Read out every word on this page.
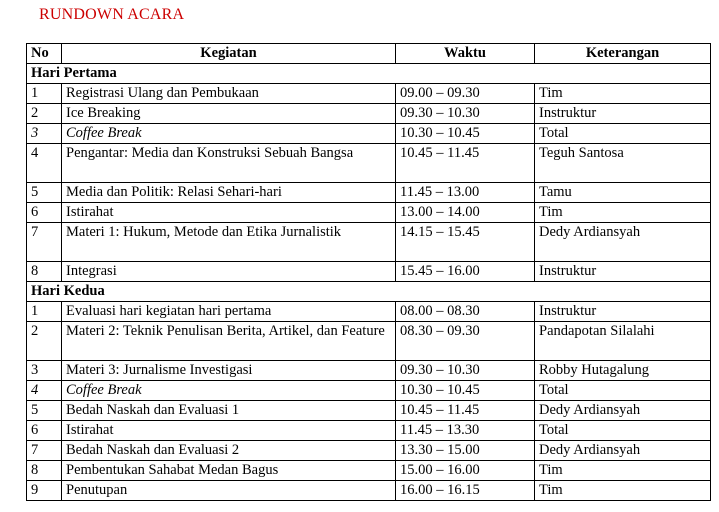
RUNDOWN ACARA
No	Kegiatan	Waktu	Keterangan
Hari Pertama			
1	Registrasi Ulang dan Pembukaan	09.00 – 09.30	Tim
2	Ice Breaking	09.30 – 10.30	Instruktur
3	Coffee Break	10.30 – 10.45	Total
4	Pengantar: Media dan Konstruksi Sebuah Bangsa	10.45 – 11.45	Teguh Santosa
5	Media dan Politik: Relasi Sehari-hari	11.45 – 13.00	Tamu
6	Istirahat	13.00 – 14.00	Tim
7	Materi 1: Hukum, Metode dan Etika Jurnalistik	14.15 – 15.45	Dedy Ardiansyah
8	Integrasi	15.45 – 16.00	Instruktur
Hari Kedua			
1	Evaluasi hari kegiatan hari pertama	08.00 – 08.30	Instruktur
2	Materi 2: Teknik Penulisan Berita, Artikel, dan Feature	08.30 – 09.30	Pandapotan Silalahi
3	Materi 3: Jurnalisme Investigasi	09.30 – 10.30	Robby Hutagalung
4	Coffee Break	10.30 – 10.45	Total
5	Bedah Naskah dan Evaluasi 1	10.45 – 11.45	Dedy Ardiansyah
6	Istirahat	11.45 – 13.30	Total
7	Bedah Naskah dan Evaluasi 2	13.30 – 15.00	Dedy Ardiansyah
8	Pembentukan Sahabat Medan Bagus	15.00 – 16.00	Tim
9	Penutupan	16.00 – 16.15	Tim
